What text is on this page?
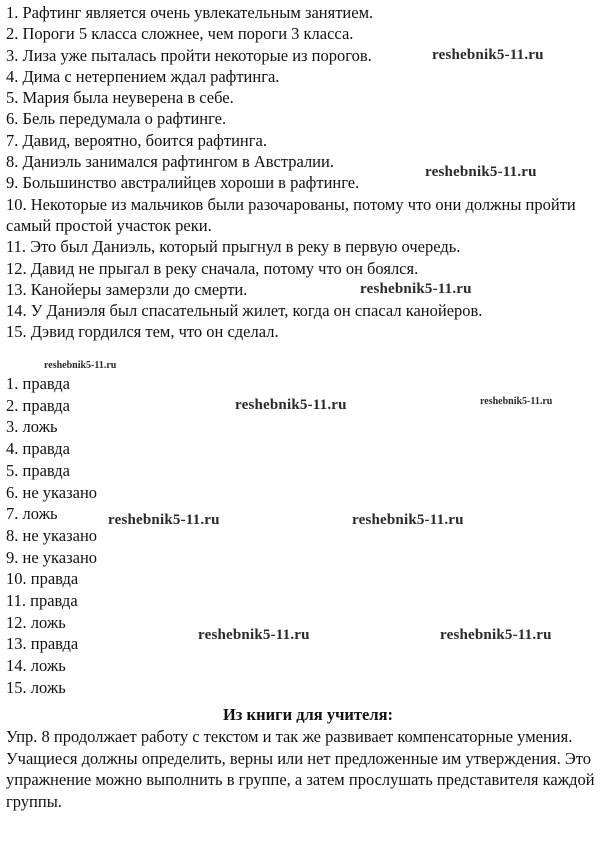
1. Рафтинг является очень увлекательным занятием.

2. Пороги 5 класса сложнее, чем пороги 3 класса.

3. Лиза уже пыталась пройти некоторые из порогов.

4. Дима с нетерпением ждал рафтинга.

5. Мария была неуверена в себе.

6. Бель передумала о рафтинге.

7. Давид, вероятно, боится рафтинга.

8. Даниэль занимался рафтингом в Австралии.

9. Большинство австралийцев хороши в рафтинге.

10. Некоторые из мальчиков были разочарованы, потому что они должны пройти самый простой участок реки.

11. Это был Даниэль, который прыгнул в реку в первую очередь.

12. Давид не прыгал в реку сначала, потому что он боялся.

13. Канойеры замерзли до смерти.

14. У Даниэля был спасательный жилет, когда он спасал канойеров.

15. Дэвид гордился тем, что он сделал.

1. правда

2. правда

3. ложь

4. правда

5. правда

6. не указано

7. ложь

8. не указано

9. не указано

10. правда

11. правда

12. ложь

13. правда

14. ложь

15. ложь

Из книги для учителя:

Упр. 8 продолжает работу с текстом и так же развивает компенсаторные умения. Учащиеся должны определить, верны или нет предложенные им утверждения. Это упражнение можно выполнить в группе, а затем прослушать представителя каждой группы.

reshebnik5-11.ru
reshebnik5-11.ru
reshebnik5-11.ru
reshebnik5-11.ru
reshebnik5-11.ru	reshebnik5-11.ru
reshebnik5-11.ru	reshebnik5-11.ru
reshebnik5-11.ru	reshebnik5-11.ru
